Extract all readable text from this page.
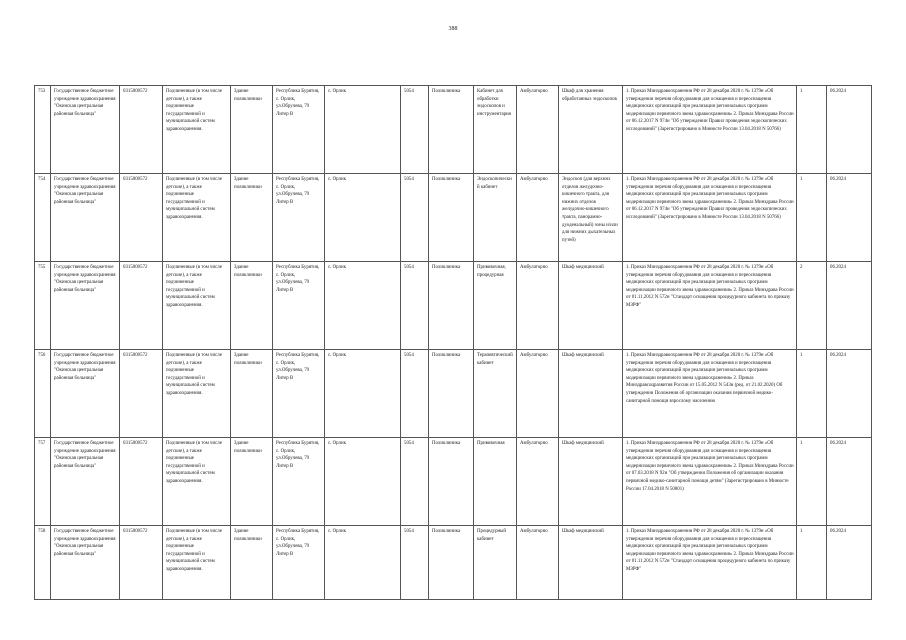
388
753	Государственное бюджетное учреждение здравоохранения "Окинская центральная районная больница"	0315000572	Подчиненные (в том числе детские), а также подчиненные государственной и муниципальной систем здравоохранения.	Здание поликлиники	Республика Бурятия, с. Орлик, ул.Обручева, 79 Литер В	с. Орлик	5054	Поликлиника	Кабинет для обработки эндоскопов и инструментария	Амбулаторно	Шкаф для хранения обработанных эндоскопов	1. Приказ Минздравоохранения РФ от 28 декабря 2020 г. № 1379н «Об утверждении перечня оборудования для оснащения и переоснащения медицинских организаций при реализации региональных программ модернизации первичного звена здравоохранения» 2. Приказ Минздрава России от 06.12.2017 N 974н "Об утверждении Правил проведения эндоскопических исследований" (Зарегистрировано в Минюсте России 13.04.2018 N 50766)	1	06.2024
754	Государственное бюджетное учреждение здравоохранения "Окинская центральная районная больница"	0315000572	Подчиненные (в том числе детские), а также подчиненные государственной и муниципальной систем здравоохранения.	Здание поликлиники	Республика Бурятия, с. Орлик, ул.Обручева, 79 Литер В	с. Орлик	5054	Поликлиника	Эндоскопический кабинет	Амбулаторно	Эндоскоп (для верхних отделов желудочно-кишечного тракта, для нижних отделов желудочно-кишечного тракта, панорамно-дуоденальный) зоны и/или для нижних дыхательных путей)	1. Приказ Минздравоохранения РФ от 28 декабря 2020 г. № 1379н «Об утверждении перечня оборудования для оснащения и переоснащения медицинских организаций при реализации региональных программ модернизации первичного звена здравоохранения» 2. Приказ Минздрава России от 06.12.2017 N 974н "Об утверждении Правил проведения эндоскопических исследований" (Зарегистрировано в Минюсте России 13.04.2018 N 50766)	1	06.2024
755	Государственное бюджетное учреждение здравоохранения "Окинская центральная районная больница"	0315000572	Подчиненные (в том числе детские), а также подчиненные государственной и муниципальной систем здравоохранения.	Здание поликлиники	Республика Бурятия, с. Орлик, ул.Обручева, 79 Литер В	с. Орлик	5054	Поликлиника	Прививочная, процедурная	Амбулаторно	Шкаф медицинский	1. Приказ Минздравоохранения РФ от 28 декабря 2020 г. № 1379н «Об утверждении перечня оборудования для оснащения и переоснащения медицинских организаций при реализации региональных программ модернизации первичного звена здравоохранения» 2. Приказ Минздрава России от 01.11.2012 N 572н "Стандарт оснащения процедурного кабинета по приказу МЗРФ"	2	06.2024
756	Государственное бюджетное учреждение здравоохранения "Окинская центральная районная больница"	0315000572	Подчиненные (в том числе детские), а также подчиненные государственной и муниципальной систем здравоохранения.	Здание поликлиники	Республика Бурятия, с. Орлик, ул.Обручева, 79 Литер В	с. Орлик	5054	Поликлиника	Терапевтический кабинет	Амбулаторно	Шкаф медицинский	1. Приказ Минздравоохранения РФ от 28 декабря 2020 г. № 1379н «Об утверждении перечня оборудования для оснащения и переоснащения медицинских организаций при реализации региональных программ модернизации первичного звена здравоохранения» 2. Приказ Минздравсоцразвития России от 15.05.2012 N 543н (ред. от 21.02.2020) Об утверждении Положения об организации оказания первичной медико-санитарной помощи взрослому населению	1	06.2024
757	Государственное бюджетное учреждение здравоохранения "Окинская центральная районная больница"	0315000572	Подчиненные (в том числе детские), а также подчиненные государственной и муниципальной систем здравоохранения.	Здание поликлиники	Республика Бурятия, с. Орлик, ул.Обручева, 79 Литер В	с. Орлик	5054	Поликлиника	Прививочная	Амбулаторно	Шкаф медицинский	1. Приказ Минздравоохранения РФ от 28 декабря 2020 г. № 1379н «Об утверждении перечня оборудования для оснащения и переоснащения медицинских организаций при реализации региональных программ модернизации первичного звена здравоохранения» 2. Приказ Минздрава России от 07.03.2018 N 92н "Об утверждении Положения об организации оказания первичной медико-санитарной помощи детям" (Зарегистрировано в Минюсте России 17.04.2018 N 50801)	1	06.2024
758	Государственное бюджетное учреждение здравоохранения "Окинская центральная районная больница"	0315000572	Подчиненные (в том числе детские), а также подчиненные государственной и муниципальной систем здравоохранения.	Здание поликлиники	Республика Бурятия, с. Орлик, ул.Обручева, 79 Литер В	с. Орлик	5054	Поликлиника	Процедурный кабинет	Амбулаторно	Шкаф медицинский	1. Приказ Минздравоохранения РФ от 28 декабря 2020 г. № 1379н «Об утверждении перечня оборудования для оснащения и переоснащения медицинских организаций при реализации региональных программ модернизации первичного звена здравоохранения» 2. Приказ Минздрава России от 01.11.2012 N 572н "Стандарт оснащения процедурного кабинета по приказу МЗРФ"	1	06.2024
